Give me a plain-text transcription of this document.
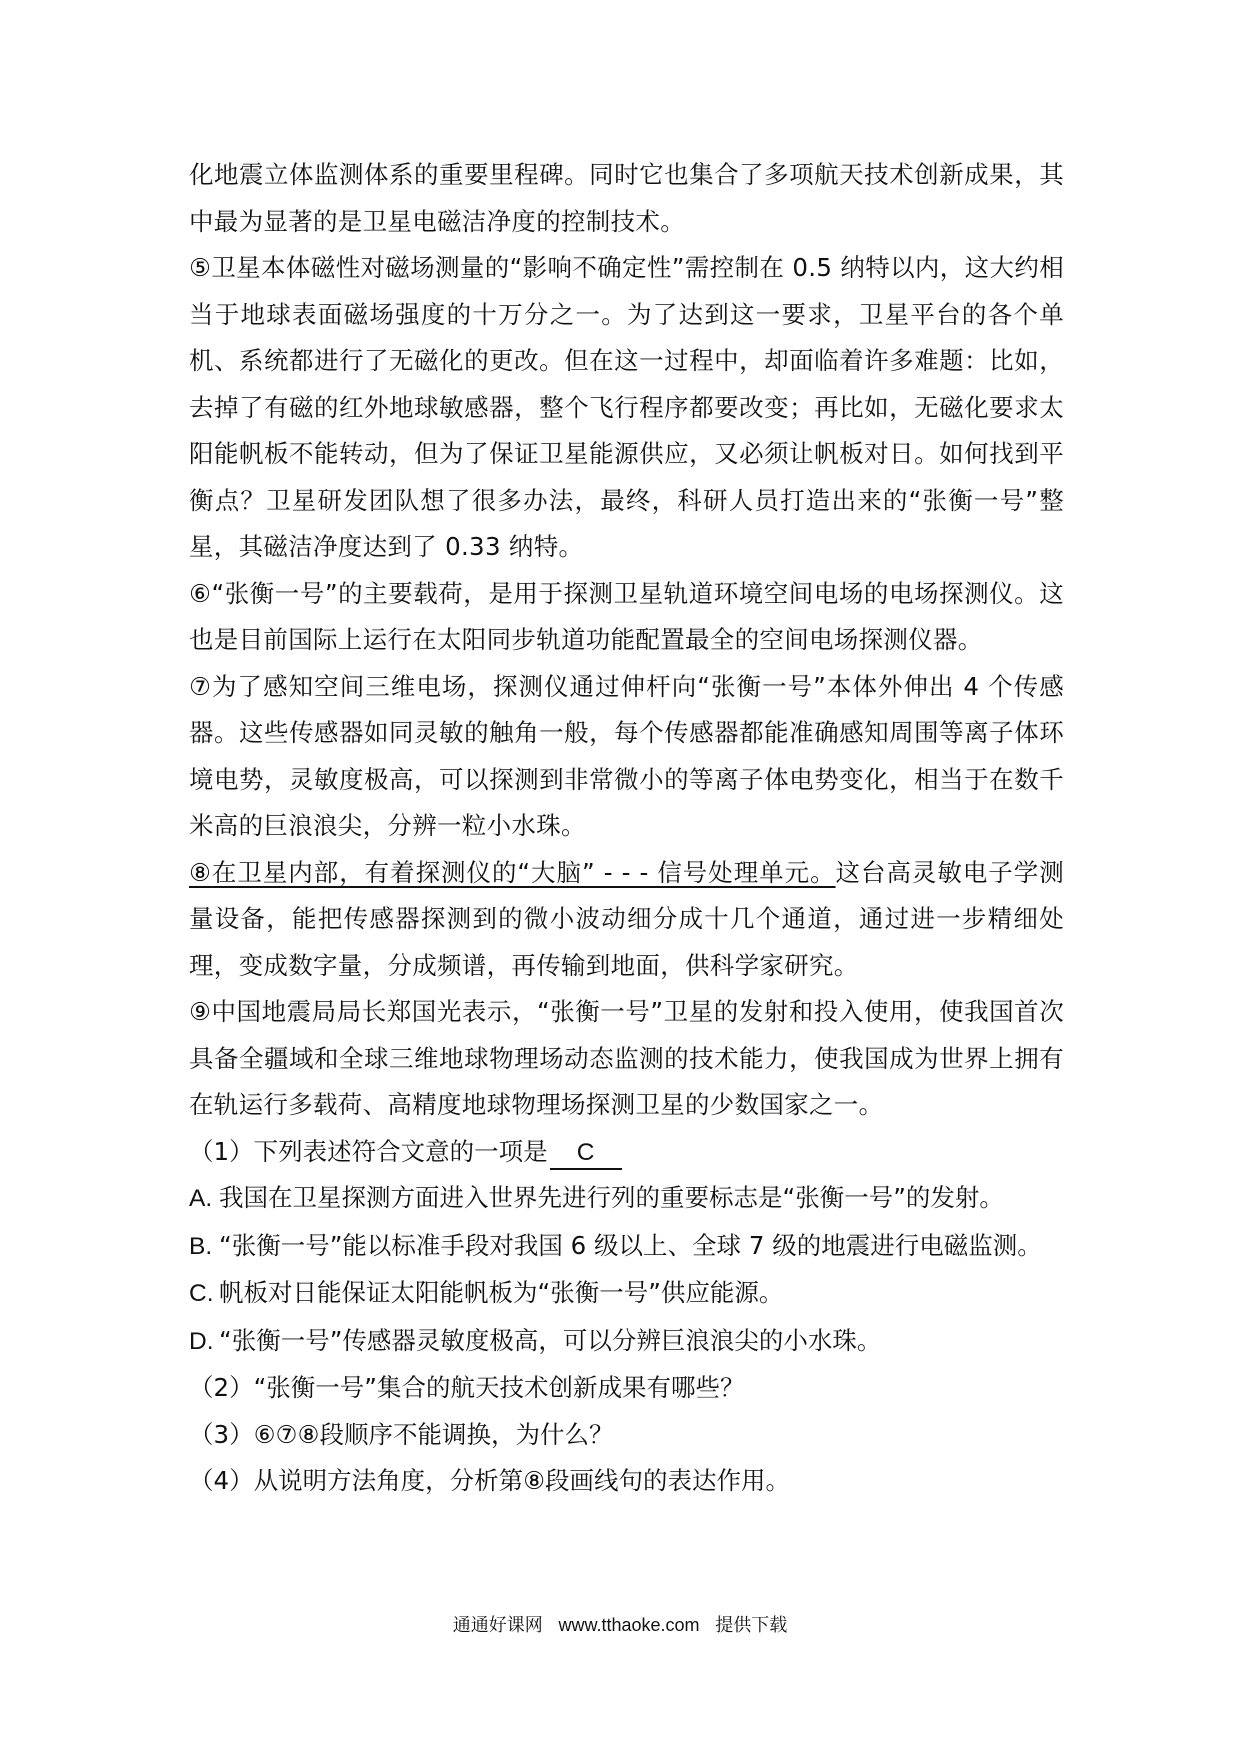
化地震立体监测体系的重要里程碑。同时它也集合了多项航天技术创新成果，其中最为显著的是卫星电磁洁净度的控制技术。

⑤卫星本体磁性对磁场测量的“影响不确定性”需控制在 0.5 纳特以内，这大约相当于地球表面磁场强度的十万分之一。为了达到这一要求，卫星平台的各个单机、系统都进行了无磁化的更改。但在这一过程中，却面临着许多难题：比如，去掉了有磁的红外地球敏感器，整个飞行程序都要改变；再比如，无磁化要求太阳能帆板不能转动，但为了保证卫星能源供应，又必须让帆板对日。如何找到平衡点？卫星研发团队想了很多办法，最终，科研人员打造出来的“张衡一号”整星，其磁洁净度达到了 0.33 纳特。

⑥“张衡一号”的主要载荷，是用于探测卫星轨道环境空间电场的电场探测仪。这也是目前国际上运行在太阳同步轨道功能配置最全的空间电场探测仪器。

⑦为了感知空间三维电场，探测仪通过伸杆向“张衡一号”本体外伸出 4 个传感器。这些传感器如同灵敏的触角一般，每个传感器都能准确感知周围等离子体环境电势，灵敏度极高，可以探测到非常微小的等离子体电势变化，相当于在数千米高的巨浪浪尖，分辨一粒小水珠。

⑧在卫星内部，有着探测仪的“大脑” - - - 信号处理单元。这台高灵敏电子学测量设备，能把传感器探测到的微小波动细分成十几个通道，通过进一步精细处理，变成数字量，分成频谱，再传输到地面，供科学家研究。

⑨中国地震局局长郑国光表示，“张衡一号”卫星的发射和投入使用，使我国首次具备全疆域和全球三维地球物理场动态监测的技术能力，使我国成为世界上拥有在轨运行多载荷、高精度地球物理场探测卫星的少数国家之一。

（1）下列表述符合文意的一项是 C

A. 我国在卫星探测方面进入世界先进行列的重要标志是“张衡一号”的发射。

B. “张衡一号”能以标准手段对我国 6 级以上、全球 7 级的地震进行电磁监测。

C. 帆板对日能保证太阳能帆板为“张衡一号”供应能源。

D. “张衡一号”传感器灵敏度极高，可以分辨巨浪浪尖的小水珠。

（2）“张衡一号”集合的航天技术创新成果有哪些？

（3）⑥⑦⑧段顺序不能调换，为什么？

（4）从说明方法角度，分析第⑧段画线句的表达作用。

通通好课网 www.tthaoke.com 提供下载
